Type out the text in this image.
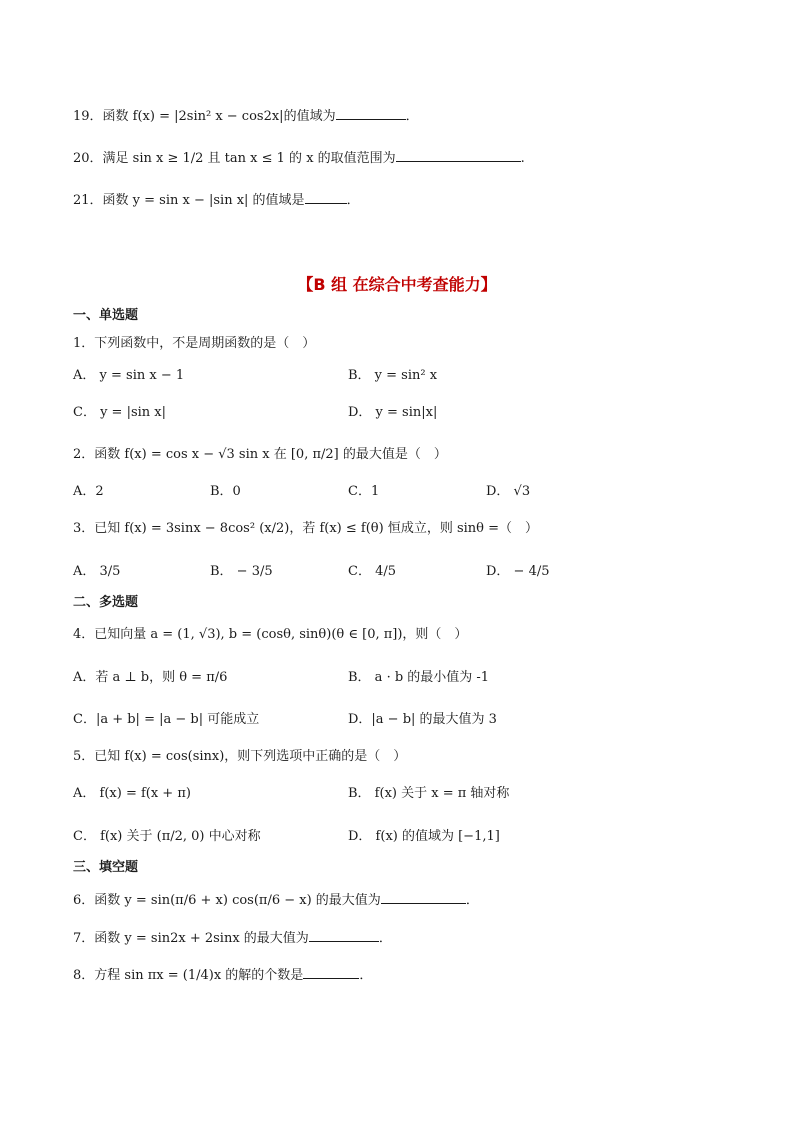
19．函数 f(x) = |2sin² x − cos2x|的值域为	．
20．满足 sin x ≥ 1/2 且 tan x ≤ 1 的 x 的取值范围为	.
21．函数 y = sin x − |sin x| 的值域是	．
【B 组 在综合中考查能力】
一、单选题
1．下列函数中，不是周期函数的是（　）
A． y = sin x − 1	B． y = sin² x
C． y = |sin x|	D． y = sin|x|
2．函数 f(x) = cos x − √3 sin x 在 [0, π/2] 的最大值是（　）
A．2	B．0	C．1	D． √3
3．已知 f(x) = 3sinx − 8cos² (x/2)，若 f(x) ≤ f(θ) 恒成立，则 sinθ =（　）
A． 3/5	B． − 3/5	C． 4/5	D． − 4/5
二、多选题
4．已知向量 a = (1, √3), b = (cosθ, sinθ)(θ ∈ [0, π])，则（　）
A．若 a ⊥ b，则 θ = π/6	B． a · b 的最小值为 -1
C．|a + b| = |a − b| 可能成立	D．|a − b| 的最大值为 3
5．已知 f(x) = cos(sinx)，则下列选项中正确的是（　）
A． f(x) = f(x + π)	B． f(x) 关于 x = π 轴对称
C． f(x) 关于 (π/2, 0) 中心对称	D． f(x) 的值域为 [−1,1]
三、填空题
6．函数 y = sin(π/6 + x) cos(π/6 − x) 的最大值为	．
7．函数 y = sin2x + 2sinx 的最大值为	．
8．方程 sin πx = (1/4)x 的解的个数是	．
